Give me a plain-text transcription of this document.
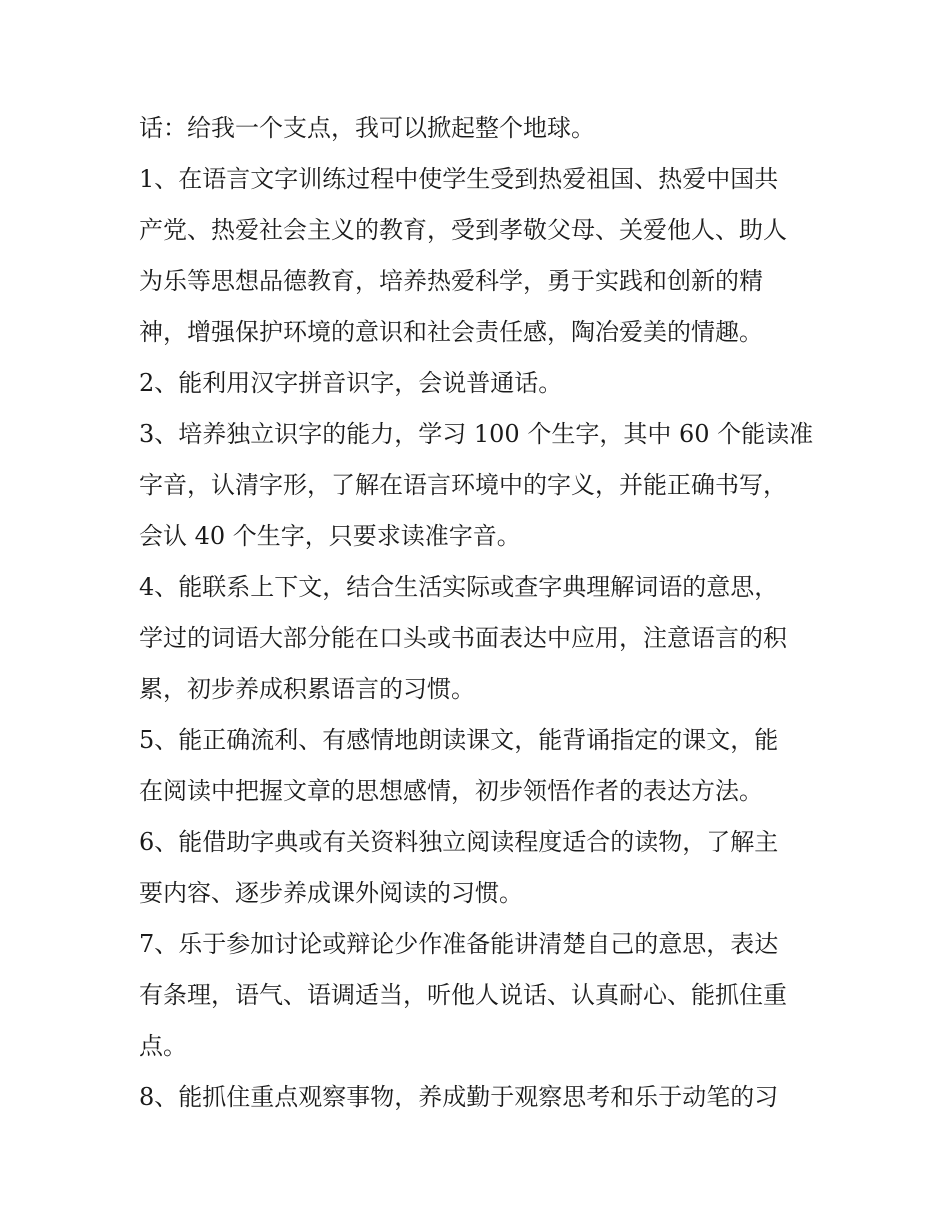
话：给我一个支点，我可以掀起整个地球。

1、在语言文字训练过程中使学生受到热爱祖国、热爱中国共

产党、热爱社会主义的教育，受到孝敬父母、关爱他人、助人

为乐等思想品德教育，培养热爱科学，勇于实践和创新的精

神，增强保护环境的意识和社会责任感，陶冶爱美的情趣。

2、能利用汉字拼音识字，会说普通话。

3、培养独立识字的能力，学习 100 个生字，其中 60 个能读准

字音，认清字形，了解在语言环境中的字义，并能正确书写，

会认 40 个生字，只要求读准字音。

4、能联系上下文，结合生活实际或查字典理解词语的意思，

学过的词语大部分能在口头或书面表达中应用，注意语言的积

累，初步养成积累语言的习惯。

5、能正确流利、有感情地朗读课文，能背诵指定的课文，能

在阅读中把握文章的思想感情，初步领悟作者的表达方法。

6、能借助字典或有关资料独立阅读程度适合的读物，了解主

要内容、逐步养成课外阅读的习惯。

7、乐于参加讨论或辩论少作准备能讲清楚自己的意思，表达

有条理，语气、语调适当，听他人说话、认真耐心、能抓住重

点。

8、能抓住重点观察事物，养成勤于观察思考和乐于动笔的习
